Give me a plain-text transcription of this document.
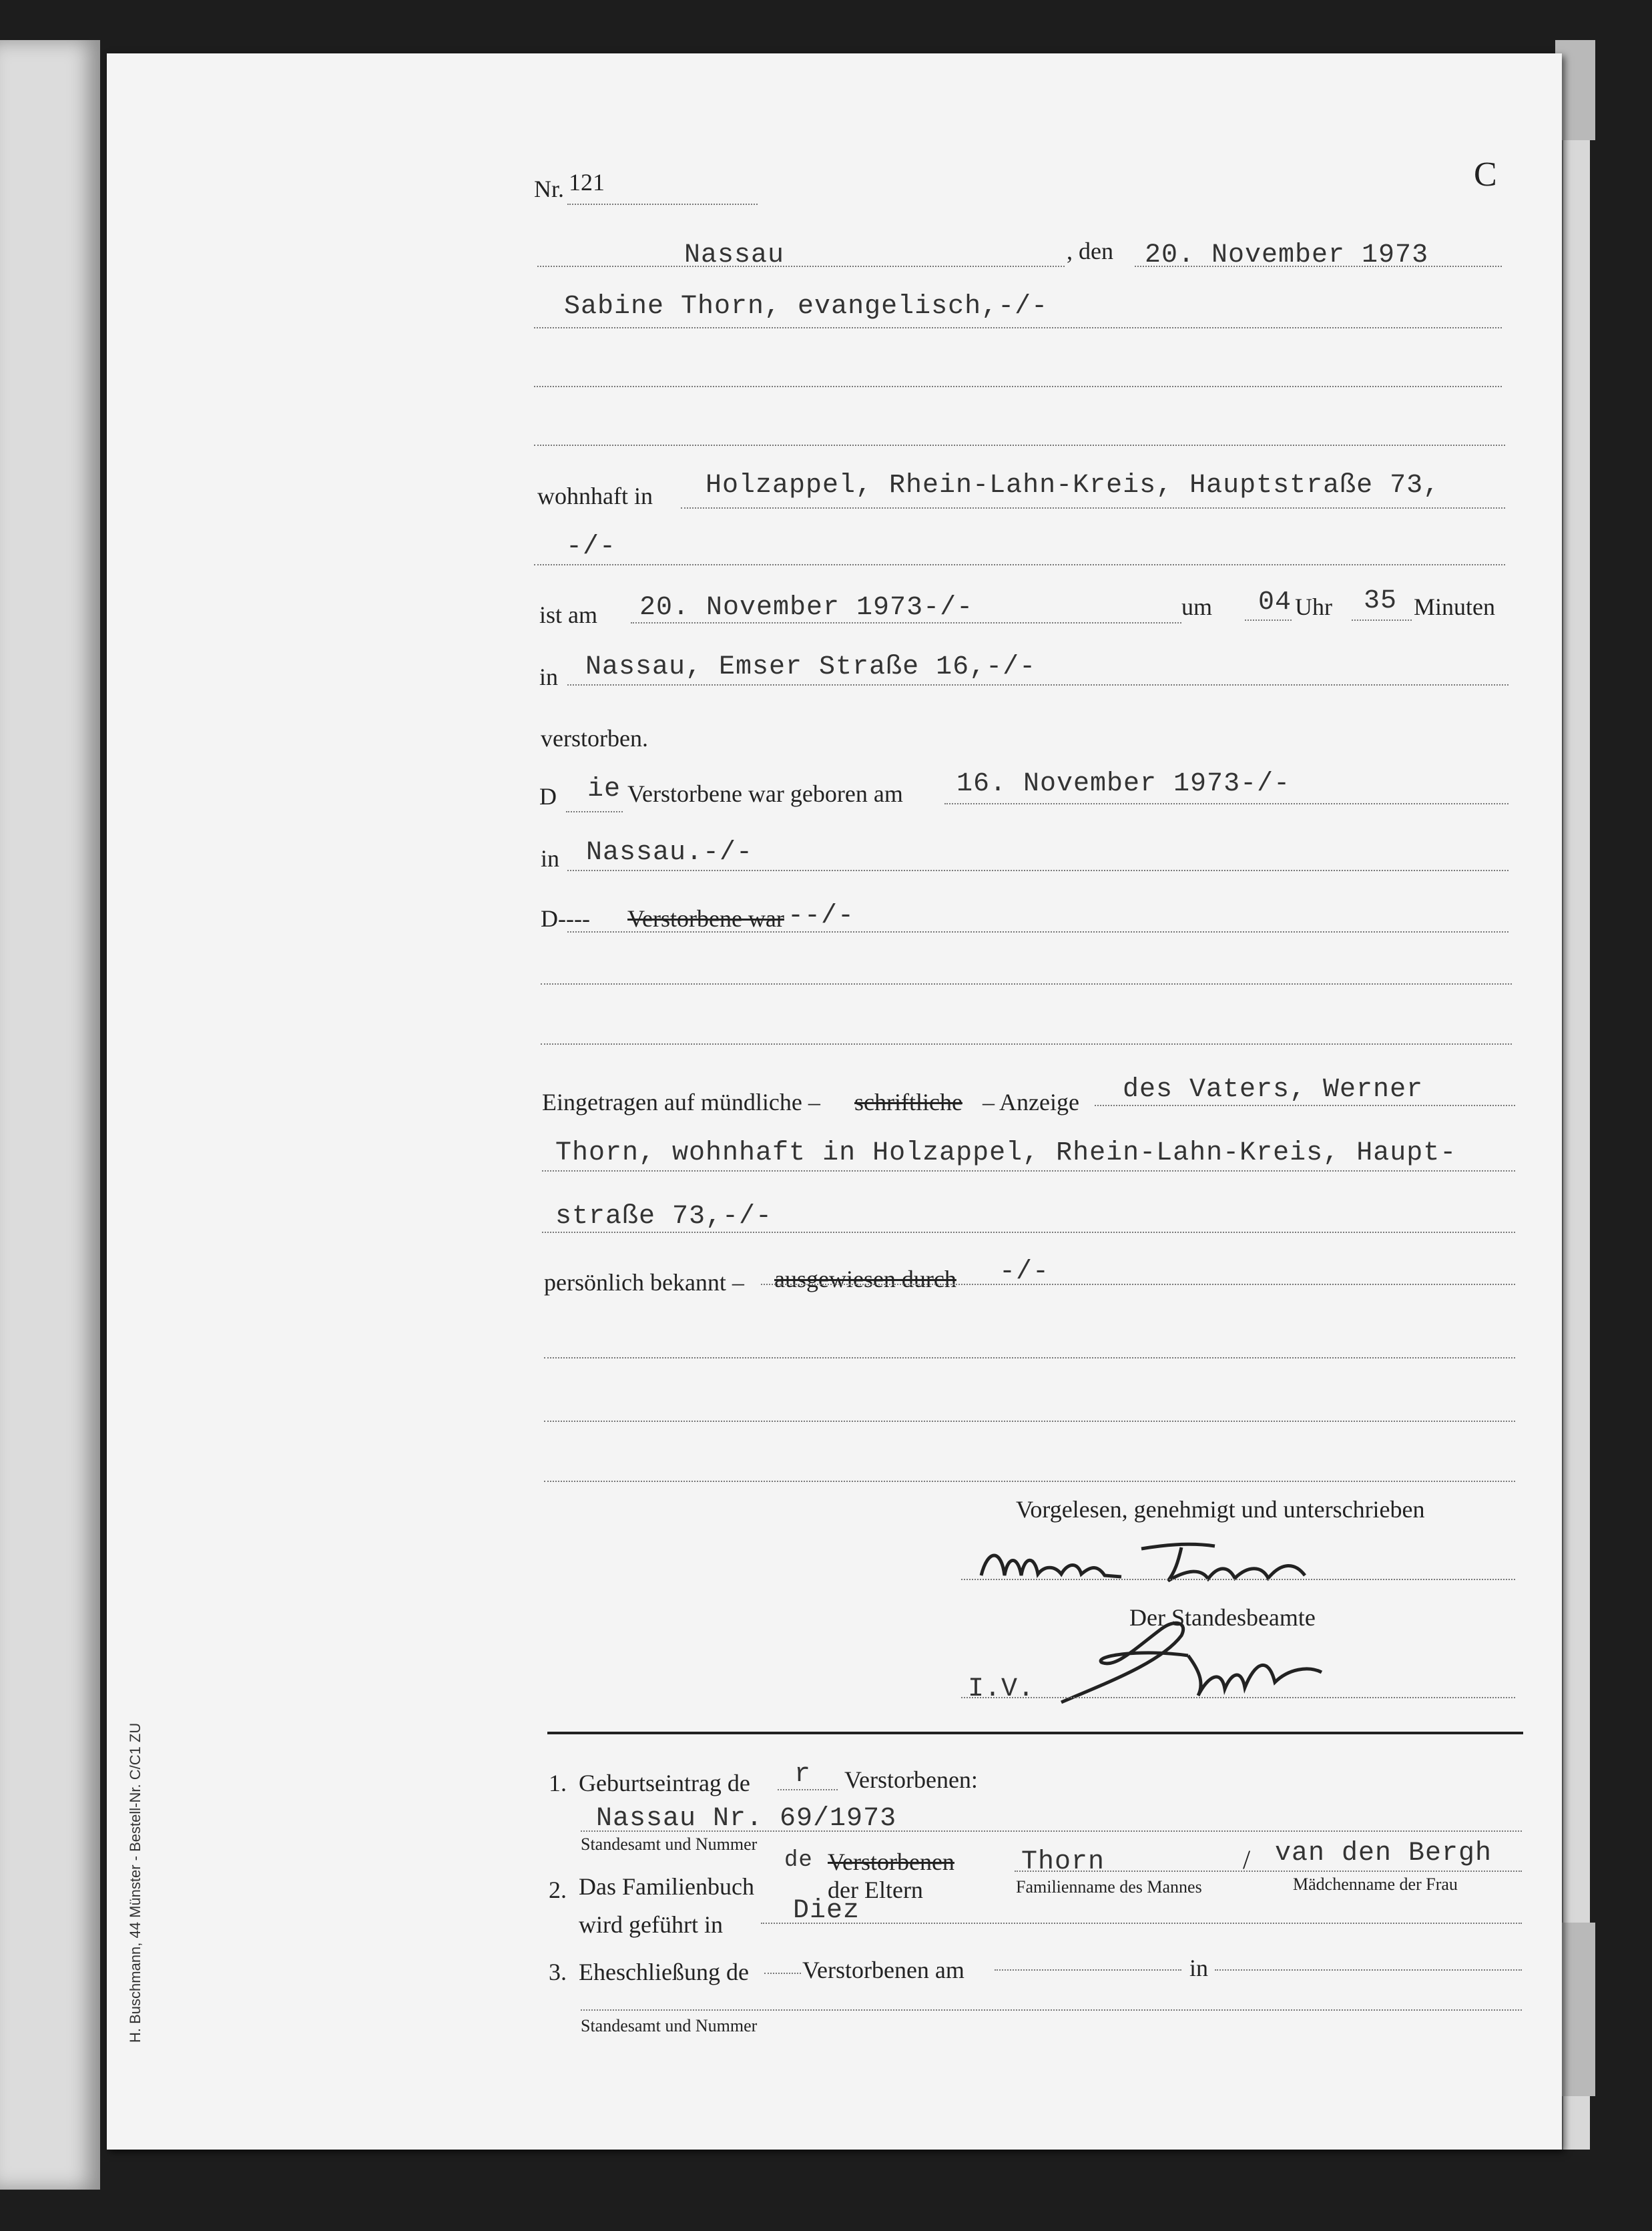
H. Buschmann, 44 Münster - Bestell-Nr. C/C1 ZU
Nr. 121	C
Nassau	, den 20. November 1973
Sabine Thorn, evangelisch,-/-
wohnhaft in Holzappel, Rhein-Lahn-Kreis, Hauptstraße 73,
-/-
ist am 20. November 1973-/-	um 04 Uhr 35 Minuten
in Nassau, Emser Straße 16,-/-
verstorben.
D ie Verstorbene war geboren am 16. November 1973-/-
in Nassau.-/-
D---- Verstorbene war --/-
Eingetragen auf mündliche – schriftliche – Anzeige des Vaters, Werner
Thorn, wohnhaft in Holzappel, Rhein-Lahn-Kreis, Haupt-
straße 73,-/-
persönlich bekannt – ausgewiesen durch -/-
Vorgelesen, genehmigt und unterschrieben
Der Standesbeamte
I.V.
1. Geburtseintrag de r Verstorbenen:
Nassau Nr. 69/1973
Standesamt und Nummer
2. Das Familienbuch
de Verstorbenen
der Eltern
Thorn	/ van den Bergh
Familienname des Mannes	Mädchenname der Frau
wird geführt in	Diez
3. Eheschließung de Verstorbenen am	in
Standesamt und Nummer
